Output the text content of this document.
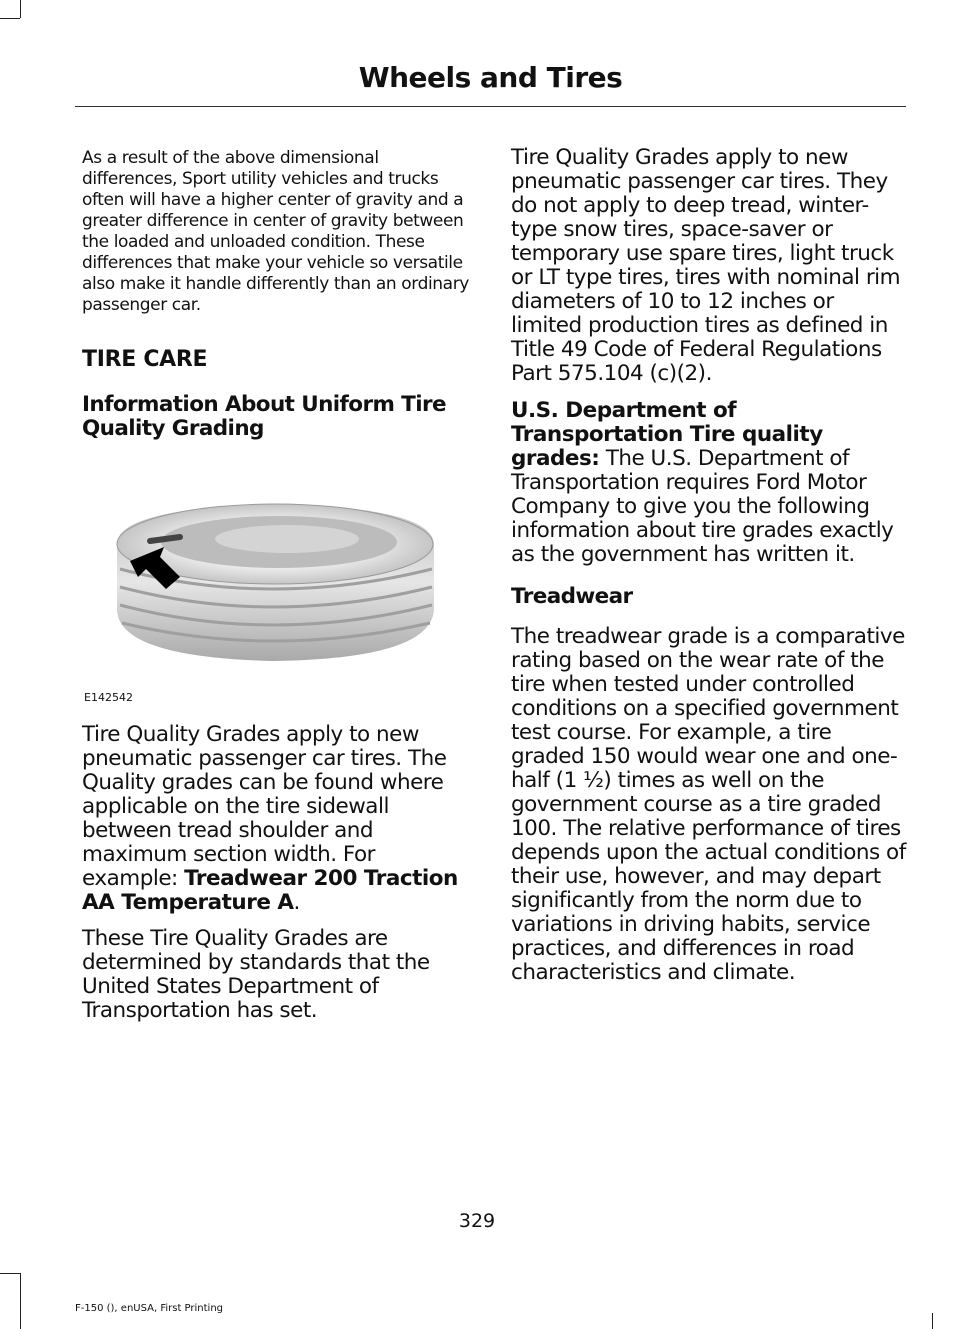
Wheels and Tires

As a result of the above dimensional differences, Sport utility vehicles and trucks often will have a higher center of gravity and a greater difference in center of gravity between the loaded and unloaded condition. These differences that make your vehicle so versatile also make it handle differently than an ordinary passenger car.

TIRE CARE
Information About Uniform Tire Quality Grading
E142542

Tire Quality Grades apply to new pneumatic passenger car tires. The Quality grades can be found where applicable on the tire sidewall between tread shoulder and maximum section width. For example: Treadwear 200 Traction AA Temperature A.

These Tire Quality Grades are determined by standards that the United States Department of Transportation has set.

Tire Quality Grades apply to new pneumatic passenger car tires. They do not apply to deep tread, winter-type snow tires, space-saver or temporary use spare tires, light truck or LT type tires, tires with nominal rim diameters of 10 to 12 inches or limited production tires as defined in Title 49 Code of Federal Regulations Part 575.104 (c)(2).

U.S. Department of Transportation Tire quality grades: The U.S. Department of Transportation requires Ford Motor Company to give you the following information about tire grades exactly as the government has written it.

Treadwear

The treadwear grade is a comparative rating based on the wear rate of the tire when tested under controlled conditions on a specified government test course. For example, a tire graded 150 would wear one and one-half (1 ½) times as well on the government course as a tire graded 100. The relative performance of tires depends upon the actual conditions of their use, however, and may depart significantly from the norm due to variations in driving habits, service practices, and differences in road characteristics and climate.

329
F-150 (), enUSA, First Printing
